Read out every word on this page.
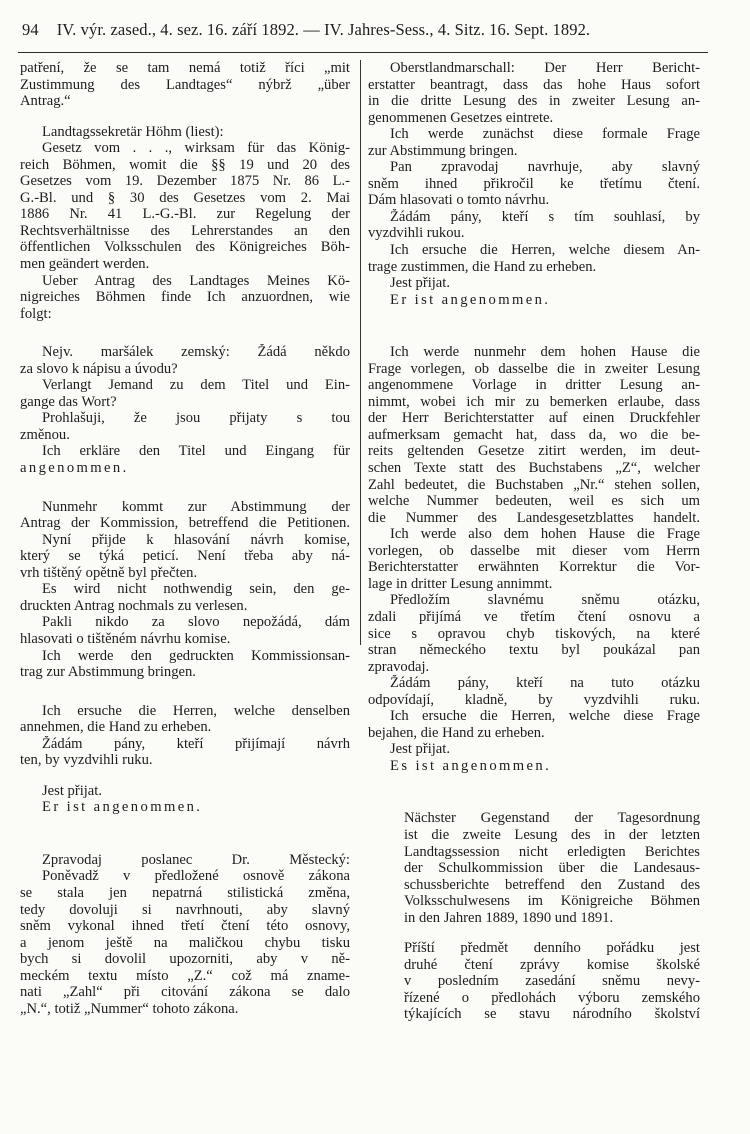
94 IV. výr. zased., 4. sez. 16. září 1892. — IV. Jahres-Sess., 4. Sitz. 16. Sept. 1892.
patření, že se tam nemá totiž říci „mit
Zustimmung des Landtages“ nýbrž „über
Antrag.“
Landtagssekretär Höhm (liest):
Gesetz vom . . ., wirksam für das König-
reich Böhmen, womit die §§ 19 und 20 des
Gesetzes vom 19. Dezember 1875 Nr. 86 L.-
G.-Bl. und § 30 des Gesetzes vom 2. Mai
1886 Nr. 41 L.-G.-Bl. zur Regelung der
Rechtsverhältnisse des Lehrerstandes an den
öffentlichen Volksschulen des Königreiches Böh-
men geändert werden.
Ueber Antrag des Landtages Meines Kö-
nigreiches Böhmen finde Ich anzuordnen, wie
folgt:
Nejv. maršálek zemský: Žádá někdo
za slovo k nápisu a úvodu?
Verlangt Jemand zu dem Titel und Ein-
gange das Wort?
Prohlašuji, že jsou přijaty s tou
změnou.
Ich erkläre den Titel und Eingang für
angenommen.
Nunmehr kommt zur Abstimmung der
Antrag der Kommission, betreffend die Petitionen.
Nyní přijde k hlasování návrh komise,
který se týká peticí. Není třeba aby ná-
vrh tištěný opětně byl přečten.
Es wird nicht nothwendig sein, den ge-
druckten Antrag nochmals zu verlesen.
Pakli nikdo za slovo nepožádá, dám
hlasovati o tištěném návrhu komise.
Ich werde den gedruckten Kommissionsan-
trag zur Abstimmung bringen.
Ich ersuche die Herren, welche denselben
annehmen, die Hand zu erheben.
Žádám pány, kteří přijímají návrh
ten, by vyzdvihli ruku.
Jest přijat.
Er ist angenommen.
Zpravodaj poslanec Dr. Městecký:
Poněvadž v předložené osnově zákona
se stala jen nepatrná stilistická změna,
tedy dovoluji si navrhnouti, aby slavný
sněm vykonal ihned třetí čtení této osnovy,
a jenom ještě na maličkou chybu tisku
bych si dovolil upozorniti, aby v ně-
meckém textu místo „Z.“ což má zname-
nati „Zahl“ při citování zákona se dalo
„N.“, totiž „Nummer“ tohoto zákona.
Oberstlandmarschall: Der Herr Bericht-
erstatter beantragt, dass das hohe Haus sofort
in die dritte Lesung des in zweiter Lesung an-
genommenen Gesetzes eintrete.
Ich werde zunächst diese formale Frage
zur Abstimmung bringen.
Pan zpravodaj navrhuje, aby slavný
sněm ihned přikročil ke třetímu čtení.
Dám hlasovati o tomto návrhu.
Žádám pány, kteří s tím souhlasí, by
vyzdvihli rukou.
Ich ersuche die Herren, welche diesem An-
trage zustimmen, die Hand zu erheben.
Jest přijat.
Er ist angenommen.
Ich werde nunmehr dem hohen Hause die
Frage vorlegen, ob dasselbe die in zweiter Lesung
angenommene Vorlage in dritter Lesung an-
nimmt, wobei ich mir zu bemerken erlaube, dass
der Herr Berichterstatter auf einen Druckfehler
aufmerksam gemacht hat, dass da, wo die be-
reits geltenden Gesetze zitirt werden, im deut-
schen Texte statt des Buchstabens „Z“, welcher
Zahl bedeutet, die Buchstaben „Nr.“ stehen sollen,
welche Nummer bedeuten, weil es sich um
die Nummer des Landesgesetzblattes handelt.
Ich werde also dem hohen Hause die Frage
vorlegen, ob dasselbe mit dieser vom Herrn
Berichterstatter erwähnten Korrektur die Vor-
lage in dritter Lesung annimmt.
Předložím slavnému sněmu otázku,
zdali přijímá ve třetím čtení osnovu a
sice s opravou chyb tiskových, na které
stran německého textu byl poukázal pan
zpravodaj.
Žádám pány, kteří na tuto otázku
odpovídají, kladně, by vyzdvihli ruku.
Ich ersuche die Herren, welche diese Frage
bejahen, die Hand zu erheben.
Jest přijat.
Es ist angenommen.
Nächster Gegenstand der Tagesordnung
ist die zweite Lesung des in der letzten
Landtagssession nicht erledigten Berichtes
der Schulkommission über die Landesaus-
schussberichte betreffend den Zustand des
Volksschulwesens im Königreiche Böhmen
in den Jahren 1889, 1890 und 1891.
Příští předmět denního pořádku jest
druhé čtení zprávy komise školské
v posledním zasedání sněmu nevy-
řízené o předlohách výboru zemského
týkajících se stavu národního školství
